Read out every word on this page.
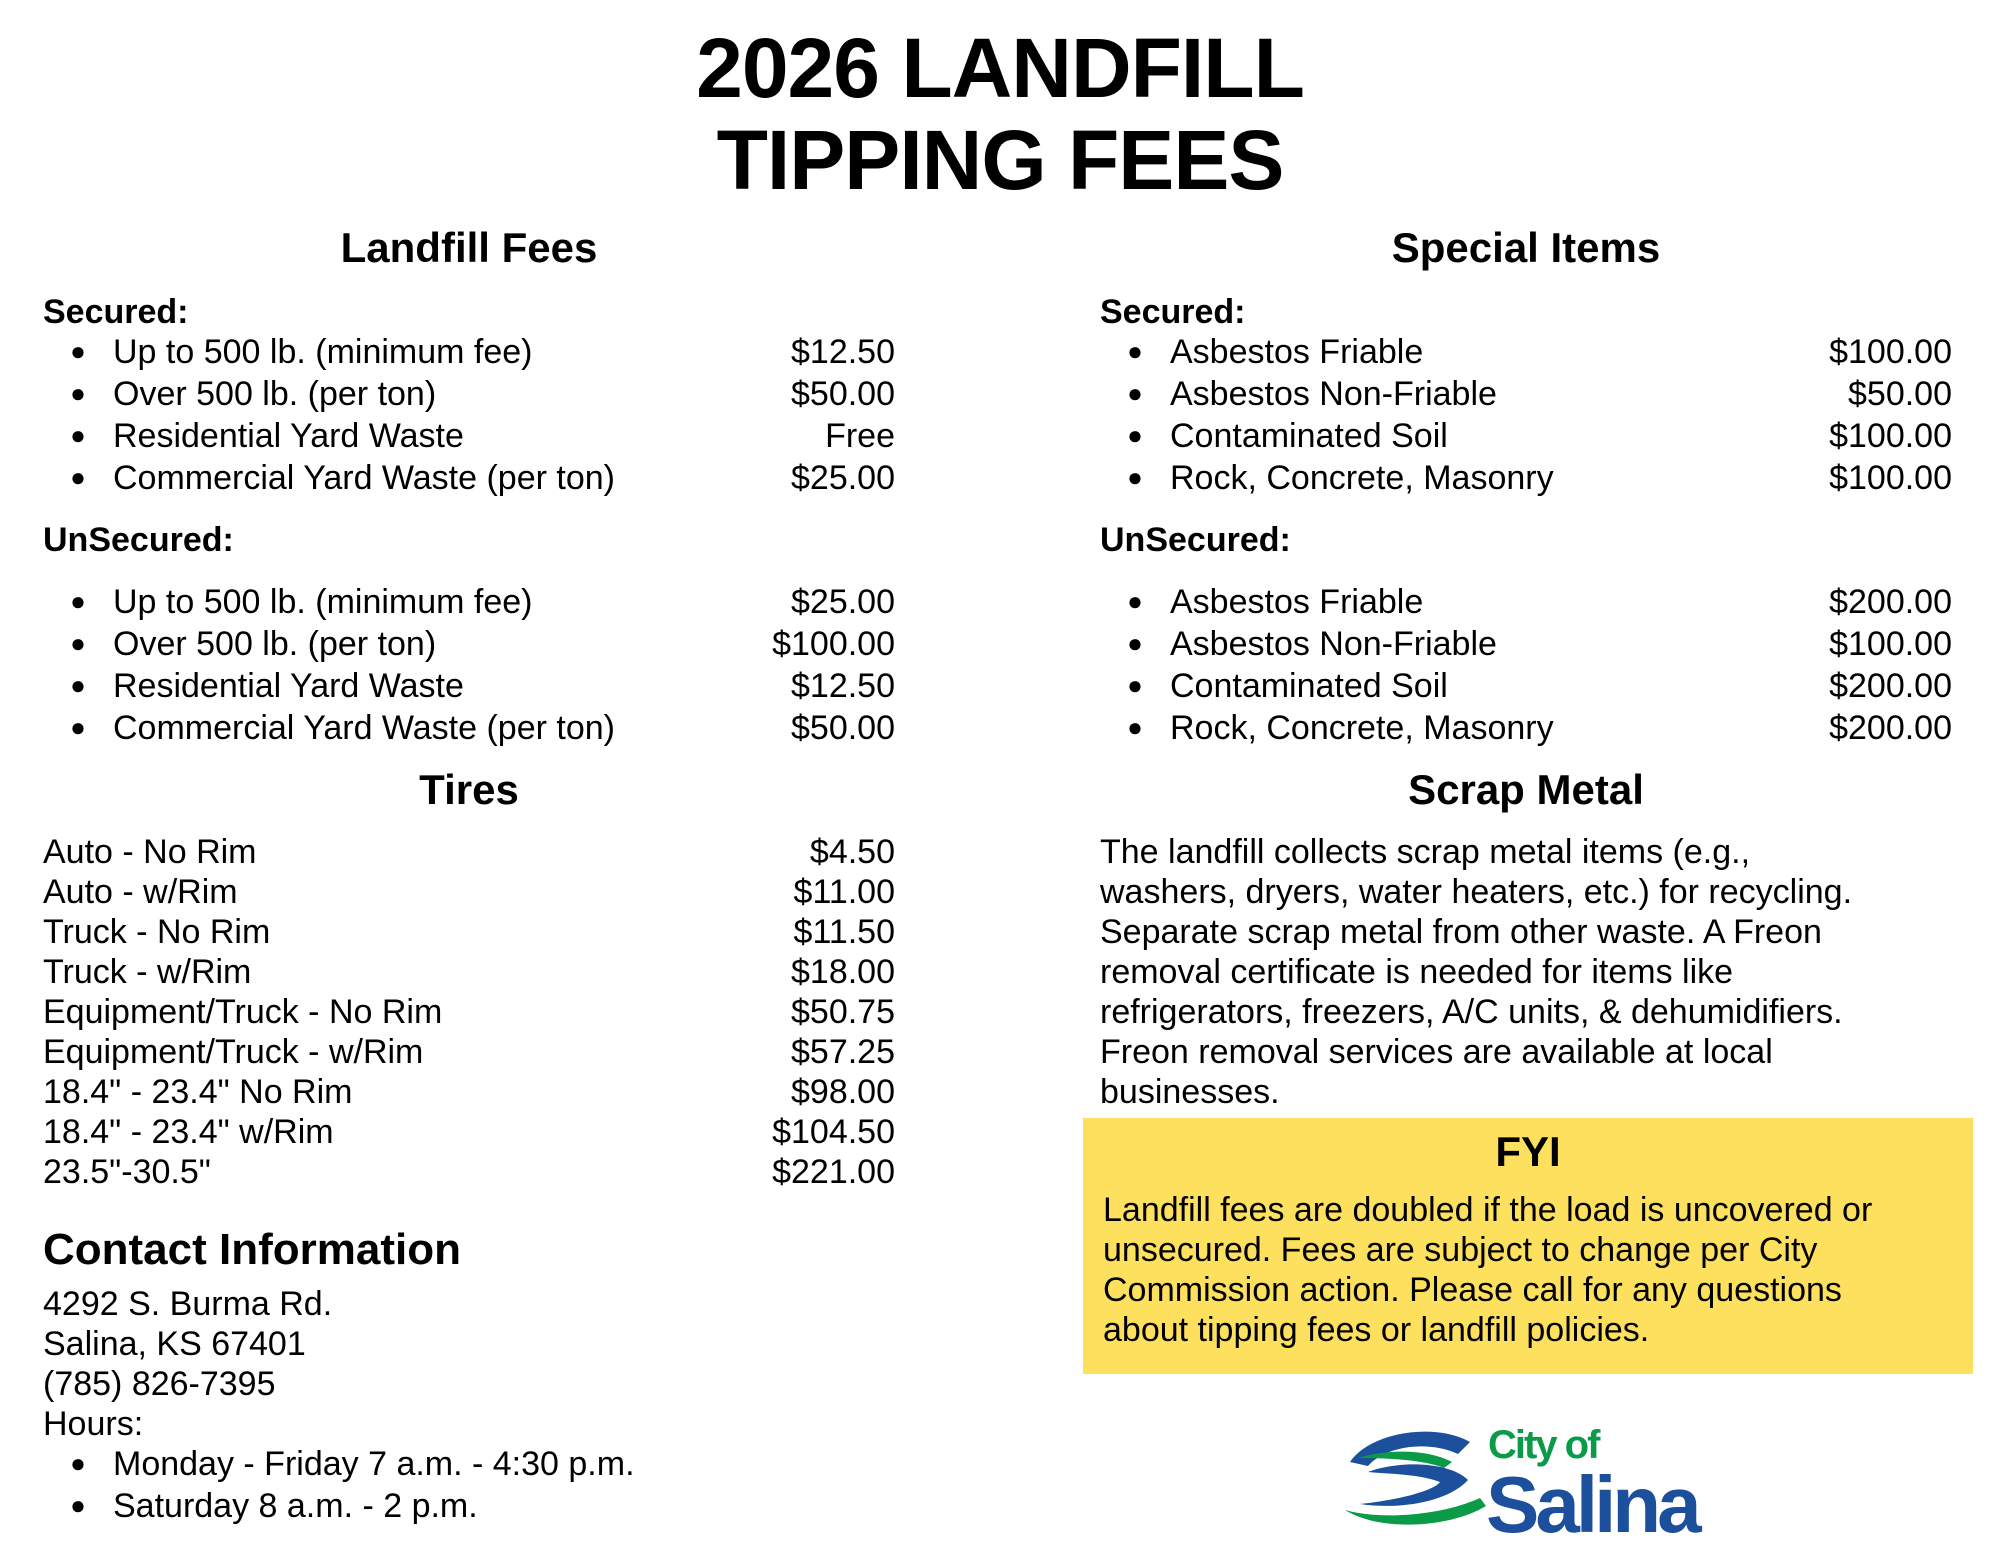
2026 LANDFILL
TIPPING FEES
Landfill Fees
Secured:
● Up to 500 lb. (minimum fee)	$12.50
● Over 500 lb. (per ton)	$50.00
● Residential Yard Waste	Free
● Commercial Yard Waste (per ton)	$25.00
UnSecured:
● Up to 500 lb. (minimum fee)	$25.00
● Over 500 lb. (per ton)	$100.00
● Residential Yard Waste	$12.50
● Commercial Yard Waste (per ton)	$50.00
Tires
Auto - No Rim	$4.50
Auto - w/Rim	$11.00
Truck - No Rim	$11.50
Truck - w/Rim	$18.00
Equipment/Truck - No Rim	$50.75
Equipment/Truck - w/Rim	$57.25
18.4" - 23.4" No Rim	$98.00
18.4" - 23.4" w/Rim	$104.50
23.5"-30.5"	$221.00
Contact Information
4292 S. Burma Rd.
Salina, KS 67401
(785) 826-7395
Hours:
● Monday - Friday 7 a.m. - 4:30 p.m.
● Saturday 8 a.m. - 2 p.m.
Special Items
Secured:
● Asbestos Friable	$100.00
● Asbestos Non-Friable	$50.00
● Contaminated Soil	$100.00
● Rock, Concrete, Masonry	$100.00
UnSecured:
● Asbestos Friable	$200.00
● Asbestos Non-Friable	$100.00
● Contaminated Soil	$200.00
● Rock, Concrete, Masonry	$200.00
Scrap Metal
The landfill collects scrap metal items (e.g.,
washers, dryers, water heaters, etc.) for recycling.
Separate scrap metal from other waste. A Freon
removal certificate is needed for items like
refrigerators, freezers, A/C units, & dehumidifiers.
Freon removal services are available at local
businesses.
FYI
Landfill fees are doubled if the load is uncovered or
unsecured. Fees are subject to change per City
Commission action. Please call for any questions
about tipping fees or landfill policies.
City of
Salina
